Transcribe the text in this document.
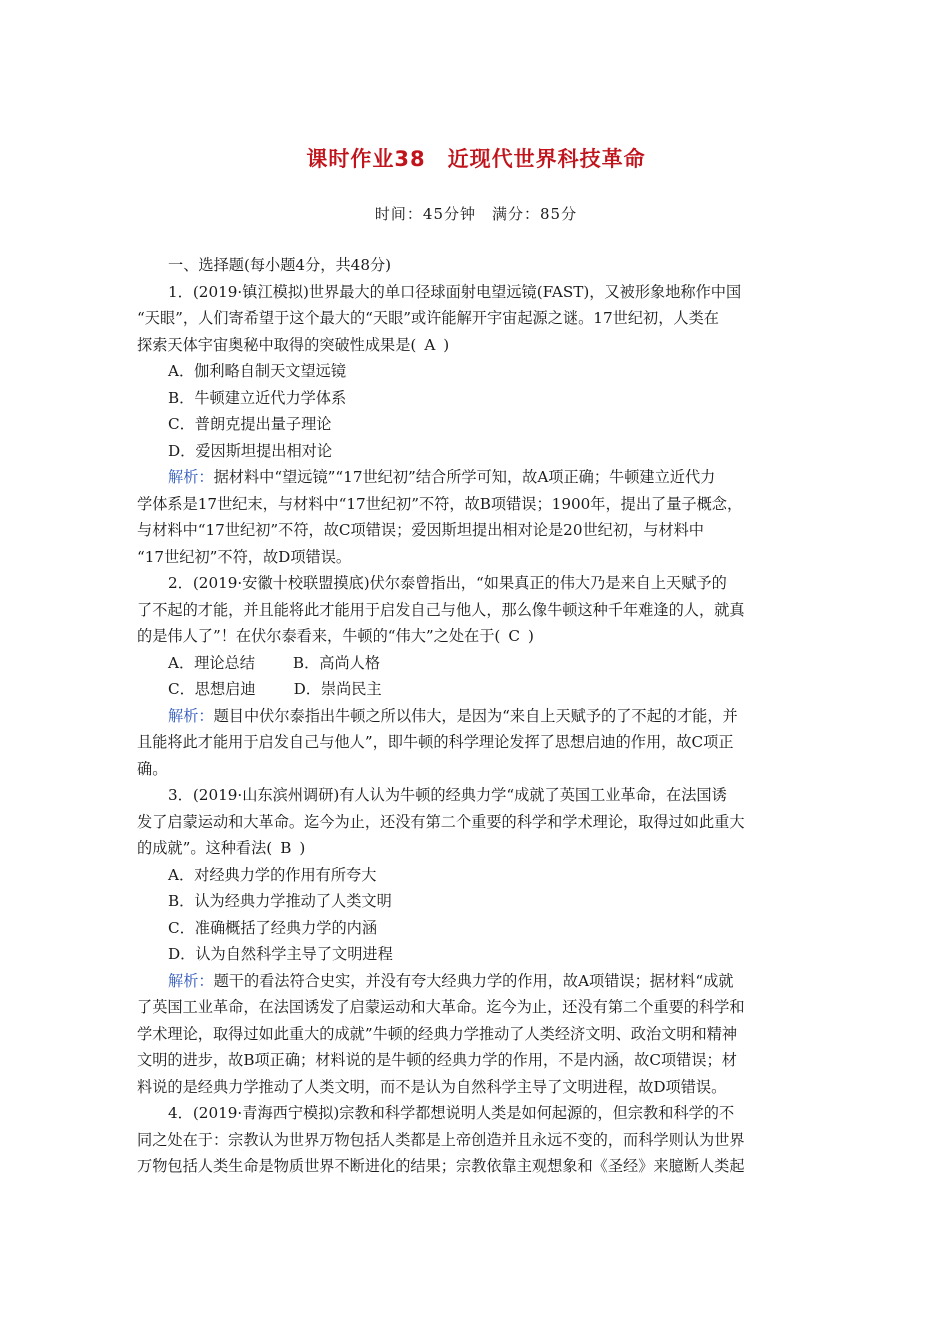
课时作业38　近现代世界科技革命
时间：45分钟　满分：85分
一、选择题(每小题4分，共48分)
1．(2019·镇江模拟)世界最大的单口径球面射电望远镜(FAST)，又被形象地称作中国
“天眼”，人们寄希望于这个最大的“天眼”或许能解开宇宙起源之谜。17世纪初，人类在
探索天体宇宙奥秘中取得的突破性成果是( A )
A．伽利略自制天文望远镜
B．牛顿建立近代力学体系
C．普朗克提出量子理论
D．爱因斯坦提出相对论
解析：据材料中“望远镜”“17世纪初”结合所学可知，故A项正确；牛顿建立近代力
学体系是17世纪末，与材料中“17世纪初”不符，故B项错误；1900年，提出了量子概念，
与材料中“17世纪初”不符，故C项错误；爱因斯坦提出相对论是20世纪初，与材料中
“17世纪初”不符，故D项错误。
2．(2019·安徽十校联盟摸底)伏尔泰曾指出，“如果真正的伟大乃是来自上天赋予的
了不起的才能，并且能将此才能用于启发自己与他人，那么像牛顿这种千年难逢的人，就真
的是伟人了”！在伏尔泰看来，牛顿的“伟大”之处在于( C )
A．理论总结	B．高尚人格
C．思想启迪	D．崇尚民主
解析：题目中伏尔泰指出牛顿之所以伟大，是因为“来自上天赋予的了不起的才能，并
且能将此才能用于启发自己与他人”，即牛顿的科学理论发挥了思想启迪的作用，故C项正
确。
3．(2019·山东滨州调研)有人认为牛顿的经典力学“成就了英国工业革命，在法国诱
发了启蒙运动和大革命。迄今为止，还没有第二个重要的科学和学术理论，取得过如此重大
的成就”。这种看法( B )
A．对经典力学的作用有所夸大
B．认为经典力学推动了人类文明
C．准确概括了经典力学的内涵
D．认为自然科学主导了文明进程
解析：题干的看法符合史实，并没有夸大经典力学的作用，故A项错误；据材料“成就
了英国工业革命，在法国诱发了启蒙运动和大革命。迄今为止，还没有第二个重要的科学和
学术理论，取得过如此重大的成就”牛顿的经典力学推动了人类经济文明、政治文明和精神
文明的进步，故B项正确；材料说的是牛顿的经典力学的作用，不是内涵，故C项错误；材
料说的是经典力学推动了人类文明，而不是认为自然科学主导了文明进程，故D项错误。
4．(2019·青海西宁模拟)宗教和科学都想说明人类是如何起源的，但宗教和科学的不
同之处在于：宗教认为世界万物包括人类都是上帝创造并且永远不变的，而科学则认为世界
万物包括人类生命是物质世界不断进化的结果；宗教依靠主观想象和《圣经》来臆断人类起
